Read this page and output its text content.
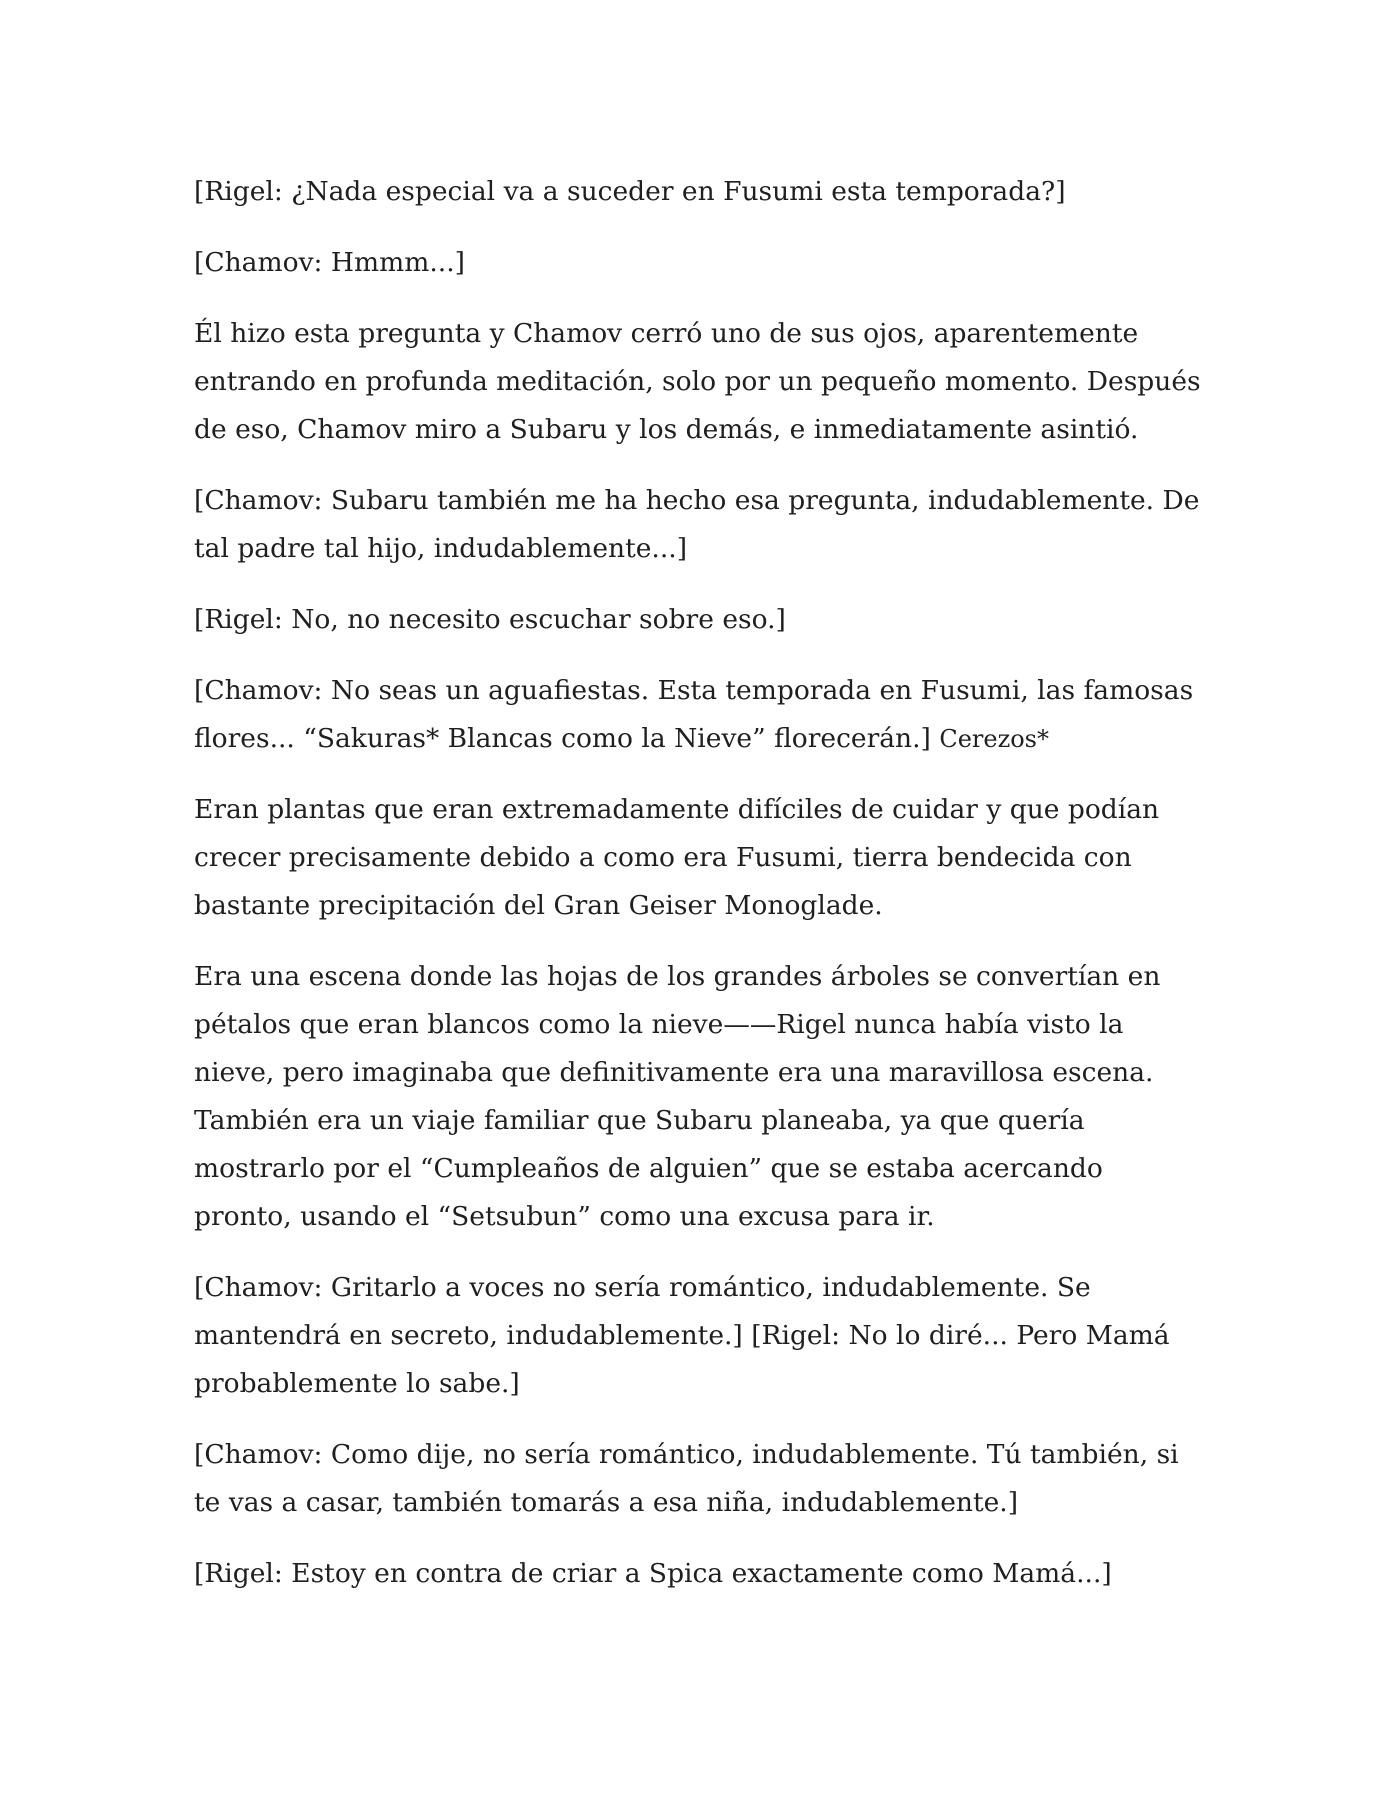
[Rigel: ¿Nada especial va a suceder en Fusumi esta temporada?]

[Chamov: Hmmm...]

Él hizo esta pregunta y Chamov cerró uno de sus ojos, aparentemente entrando en profunda meditación, solo por un pequeño momento. Después de eso, Chamov miro a Subaru y los demás, e inmediatamente asintió.

[Chamov: Subaru también me ha hecho esa pregunta, indudablemente. De tal padre tal hijo, indudablemente...]

[Rigel: No, no necesito escuchar sobre eso.]

[Chamov: No seas un aguafiestas. Esta temporada en Fusumi, las famosas flores... “Sakuras* Blancas como la Nieve” florecerán.] Cerezos*

Eran plantas que eran extremadamente difíciles de cuidar y que podían crecer precisamente debido a como era Fusumi, tierra bendecida con bastante precipitación del Gran Geiser Monoglade.

Era una escena donde las hojas de los grandes árboles se convertían en pétalos que eran blancos como la nieve——Rigel nunca había visto la nieve, pero imaginaba que definitivamente era una maravillosa escena. También era un viaje familiar que Subaru planeaba, ya que quería mostrarlo por el “Cumpleaños de alguien” que se estaba acercando pronto, usando el “Setsubun” como una excusa para ir.

[Chamov: Gritarlo a voces no sería romántico, indudablemente. Se mantendrá en secreto, indudablemente.] [Rigel: No lo diré... Pero Mamá probablemente lo sabe.]

[Chamov: Como dije, no sería romántico, indudablemente. Tú también, si te vas a casar, también tomarás a esa niña, indudablemente.]

[Rigel: Estoy en contra de criar a Spica exactamente como Mamá...]
